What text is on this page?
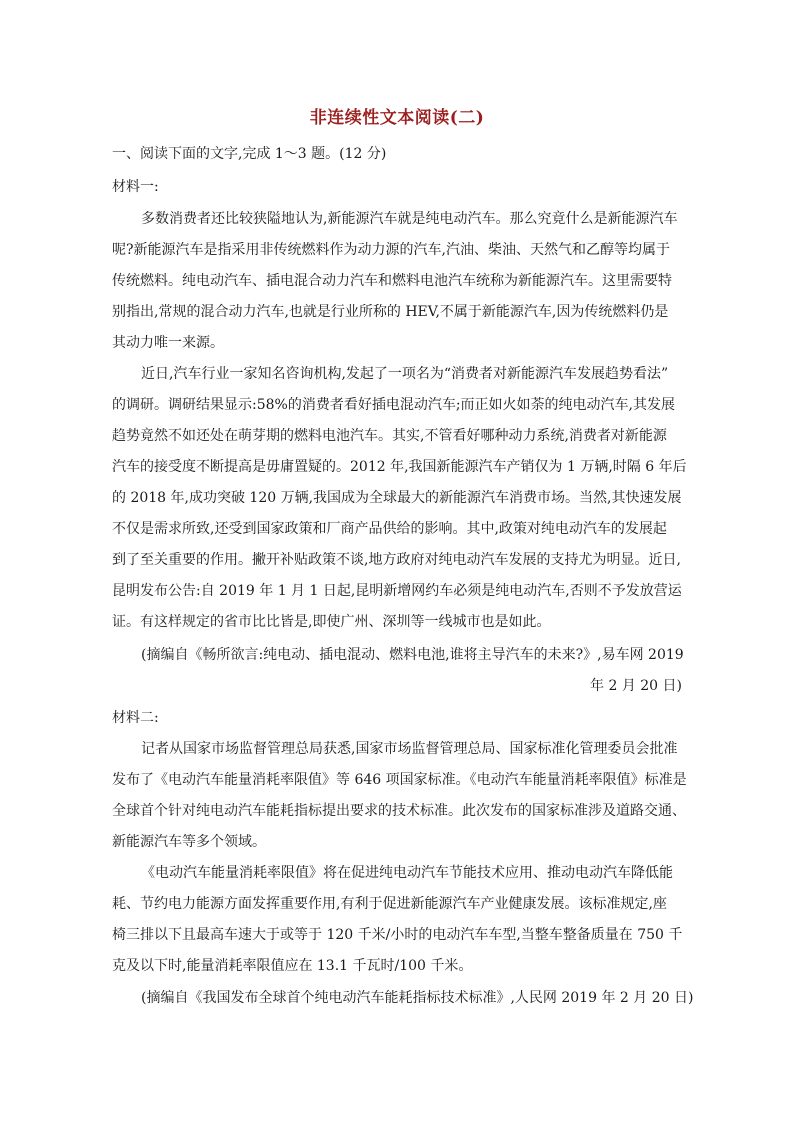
非连续性文本阅读(二)
一、阅读下面的文字,完成 1～3 题。(12 分)
材料一:
多数消费者还比较狭隘地认为,新能源汽车就是纯电动汽车。那么究竟什么是新能源汽车
呢?新能源汽车是指采用非传统燃料作为动力源的汽车,汽油、柴油、天然气和乙醇等均属于
传统燃料。纯电动汽车、插电混合动力汽车和燃料电池汽车统称为新能源汽车。这里需要特
别指出,常规的混合动力汽车,也就是行业所称的 HEV,不属于新能源汽车,因为传统燃料仍是
其动力唯一来源。
近日,汽车行业一家知名咨询机构,发起了一项名为“消费者对新能源汽车发展趋势看法”
的调研。调研结果显示:58%的消费者看好插电混动汽车;而正如火如荼的纯电动汽车,其发展
趋势竟然不如还处在萌芽期的燃料电池汽车。其实,不管看好哪种动力系统,消费者对新能源
汽车的接受度不断提高是毋庸置疑的。2012 年,我国新能源汽车产销仅为 1 万辆,时隔 6 年后
的 2018 年,成功突破 120 万辆,我国成为全球最大的新能源汽车消费市场。当然,其快速发展
不仅是需求所致,还受到国家政策和厂商产品供给的影响。其中,政策对纯电动汽车的发展起
到了至关重要的作用。撇开补贴政策不谈,地方政府对纯电动汽车发展的支持尤为明显。近日,
昆明发布公告:自 2019 年 1 月 1 日起,昆明新增网约车必须是纯电动汽车,否则不予发放营运
证。有这样规定的省市比比皆是,即使广州、深圳等一线城市也是如此。
(摘编自《畅所欲言:纯电动、插电混动、燃料电池,谁将主导汽车的未来?》,易车网 2019
年 2 月 20 日)
材料二:
记者从国家市场监督管理总局获悉,国家市场监督管理总局、国家标准化管理委员会批准
发布了《电动汽车能量消耗率限值》等 646 项国家标准。《电动汽车能量消耗率限值》标准是
全球首个针对纯电动汽车能耗指标提出要求的技术标准。此次发布的国家标准涉及道路交通、
新能源汽车等多个领域。
《电动汽车能量消耗率限值》将在促进纯电动汽车节能技术应用、推动电动汽车降低能
耗、节约电力能源方面发挥重要作用,有利于促进新能源汽车产业健康发展。该标准规定,座
椅三排以下且最高车速大于或等于 120 千米/小时的电动汽车车型,当整车整备质量在 750 千
克及以下时,能量消耗率限值应在 13.1 千瓦时/100 千米。
(摘编自《我国发布全球首个纯电动汽车能耗指标技术标准》,人民网 2019 年 2 月 20 日)
